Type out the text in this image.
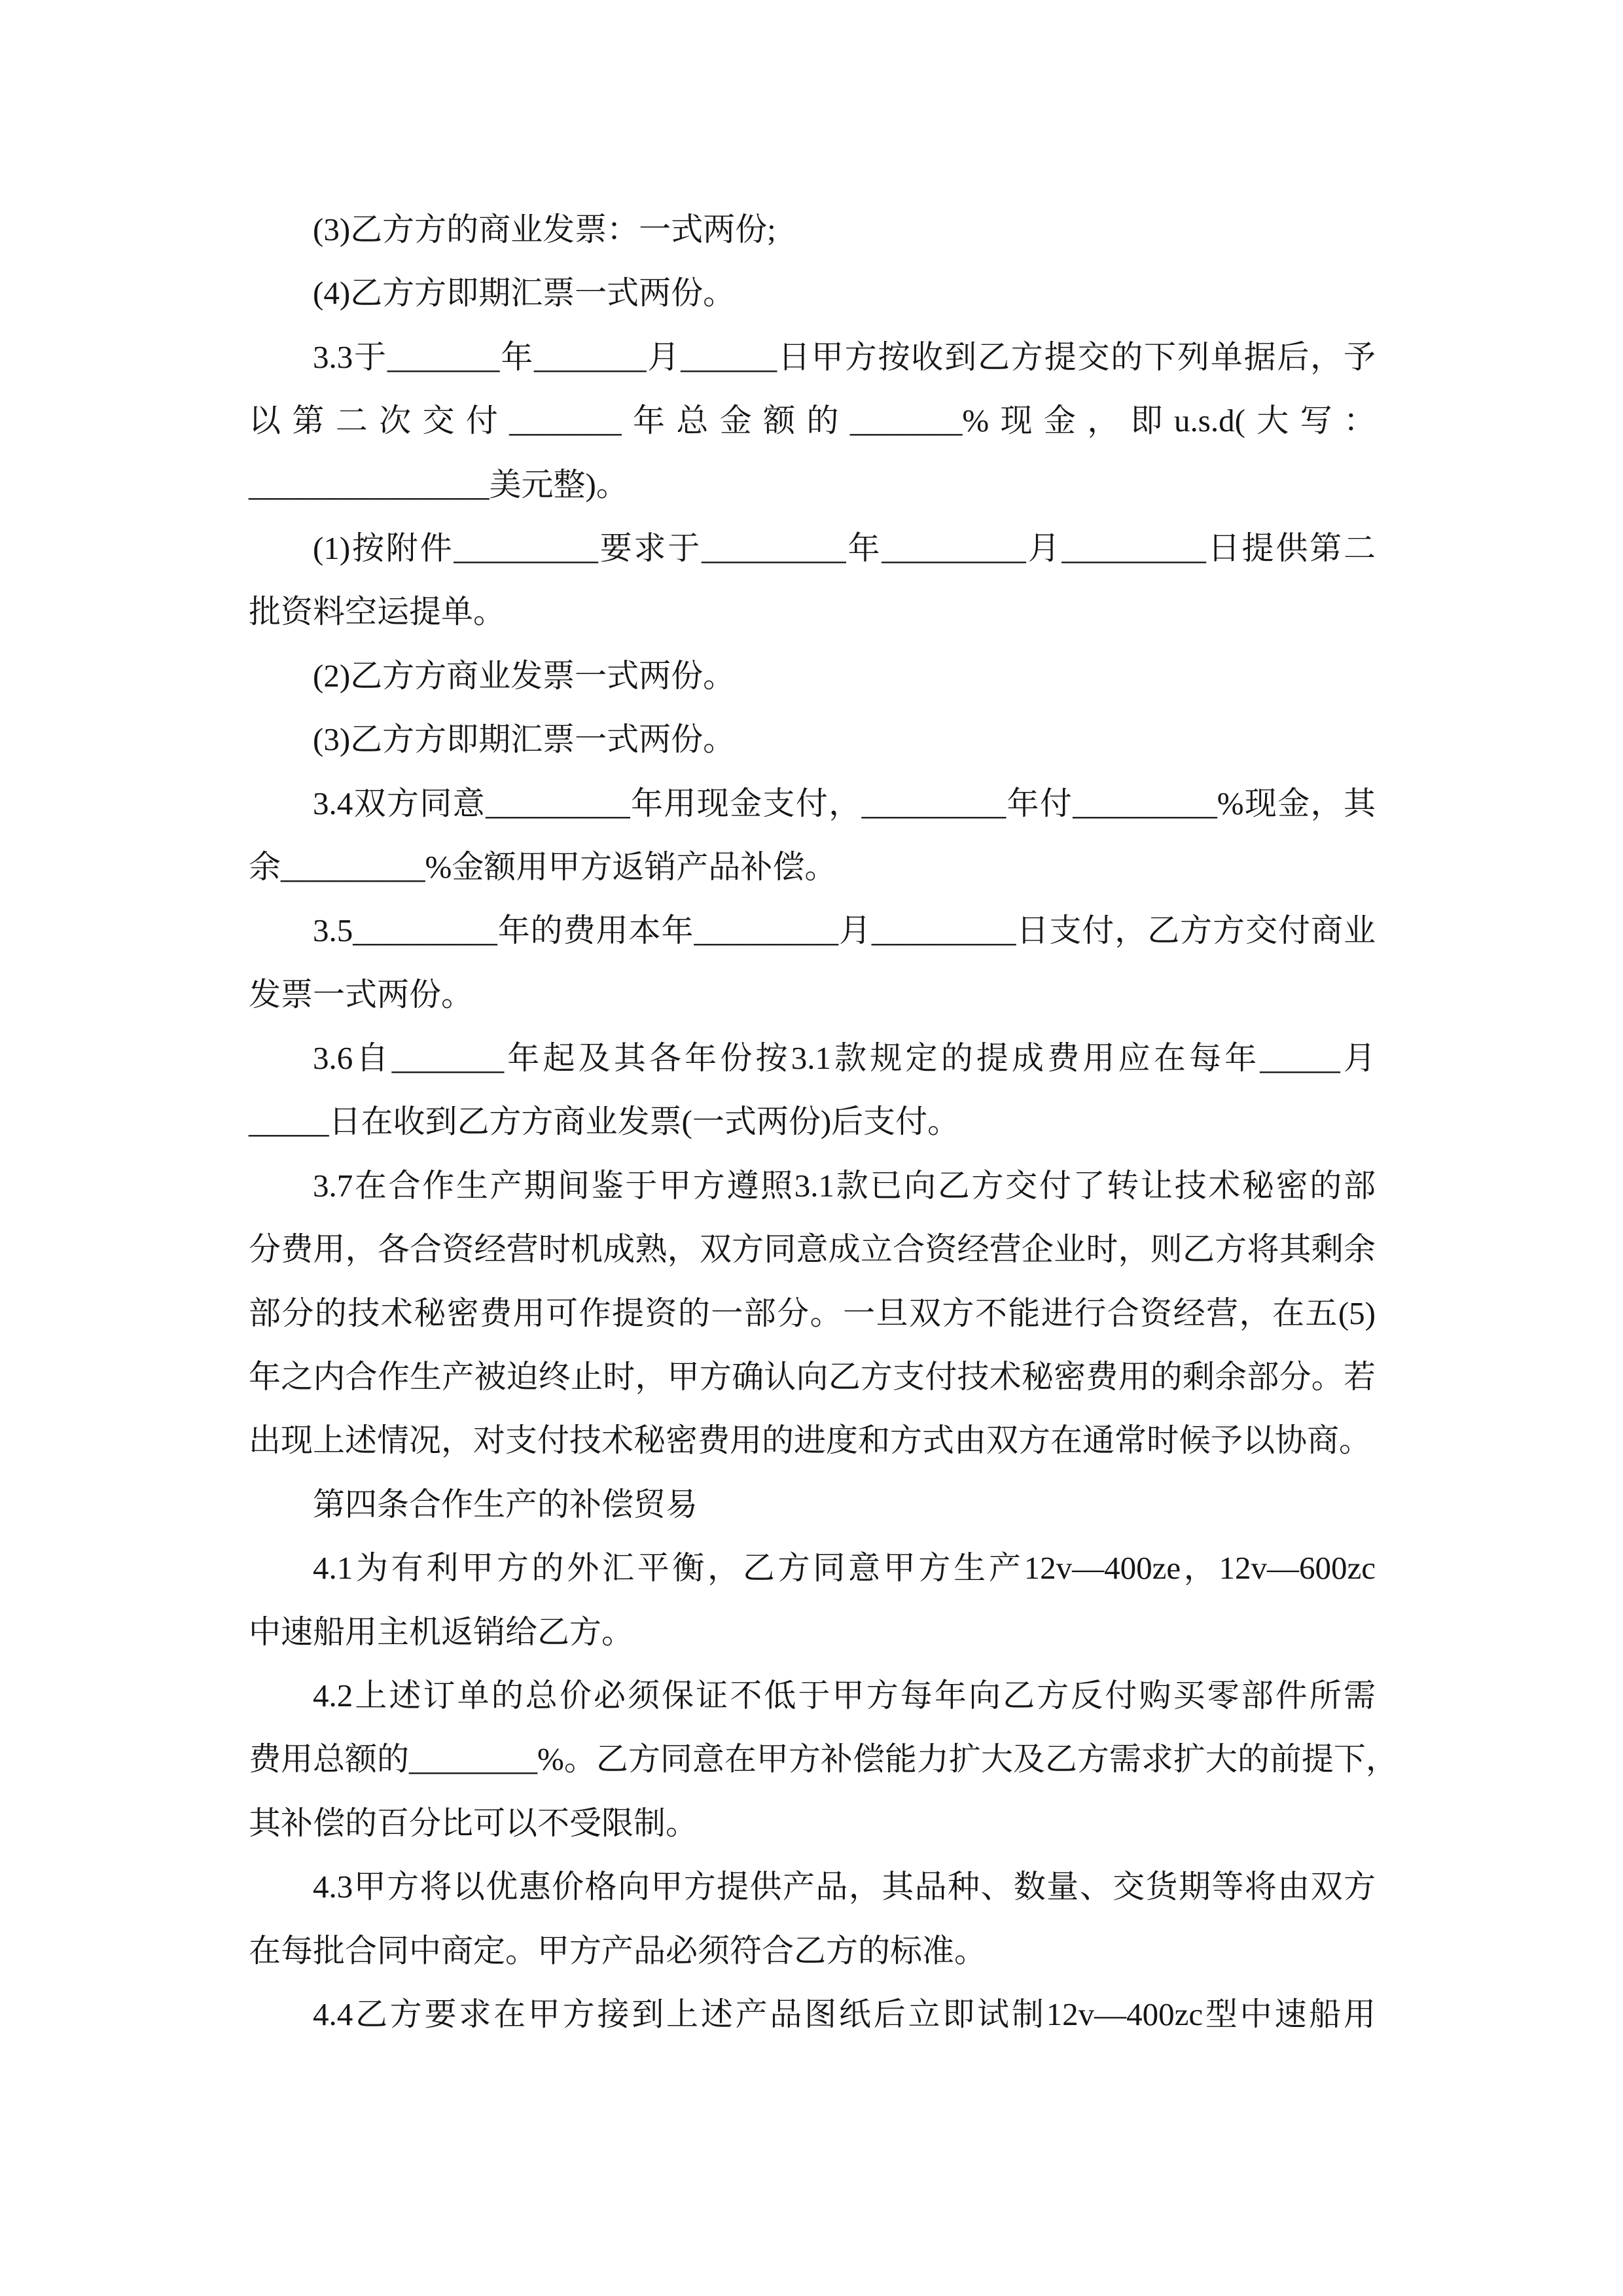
(3)乙方方的商业发票：一式两份;
(4)乙方方即期汇票一式两份。
3.3于_______年_______月______日甲方按收到乙方提交的下列单据后，予
以第二次交付_______年总金额的_______%现金，即u.s.d(大写：
_______________美元整)。
(1)按附件_________要求于_________年_________月_________日提供第二
批资料空运提单。
(2)乙方方商业发票一式两份。
(3)乙方方即期汇票一式两份。
3.4双方同意_________年用现金支付，_________年付_________%现金，其
余_________%金额用甲方返销产品补偿。
3.5_________年的费用本年_________月_________日支付，乙方方交付商业
发票一式两份。
3.6自_______年起及其各年份按3.1款规定的提成费用应在每年_____月
_____日在收到乙方方商业发票(一式两份)后支付。
3.7在合作生产期间鉴于甲方遵照3.1款已向乙方交付了转让技术秘密的部
分费用，各合资经营时机成熟，双方同意成立合资经营企业时，则乙方将其剩余
部分的技术秘密费用可作提资的一部分。一旦双方不能进行合资经营，在五(5)
年之内合作生产被迫终止时，甲方确认向乙方支付技术秘密费用的剩余部分。若
出现上述情况，对支付技术秘密费用的进度和方式由双方在通常时候予以协商。
第四条合作生产的补偿贸易
4.1为有利甲方的外汇平衡，乙方同意甲方生产12v—400ze，12v—600zc
中速船用主机返销给乙方。
4.2上述订单的总价必须保证不低于甲方每年向乙方反付购买零部件所需
费用总额的________%。乙方同意在甲方补偿能力扩大及乙方需求扩大的前提下，
其补偿的百分比可以不受限制。
4.3甲方将以优惠价格向甲方提供产品，其品种、数量、交货期等将由双方
在每批合同中商定。甲方产品必须符合乙方的标准。
4.4乙方要求在甲方接到上述产品图纸后立即试制12v—400zc型中速船用
